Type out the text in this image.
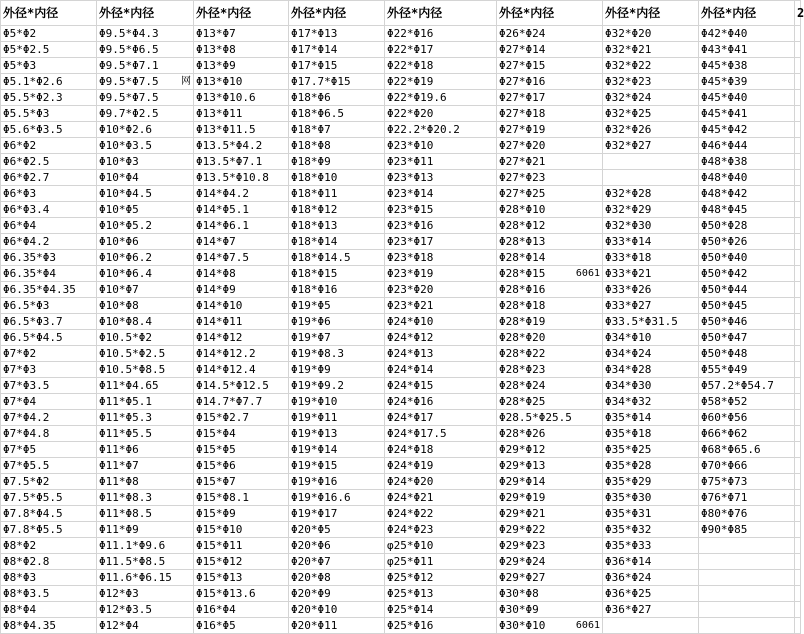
外径*内径	外径*内径	外径*内径	外径*内径	外径*内径	外径*内径	外径*内径	外径*内径	2
Φ5*Φ2	Φ9.5*Φ4.3	Φ13*Φ7	Φ17*Φ13	Φ22*Φ16	Φ26*Φ24	Φ32*Φ20	Φ42*Φ40	
Φ5*Φ2.5	Φ9.5*Φ6.5	Φ13*Φ8	Φ17*Φ14	Φ22*Φ17	Φ27*Φ14	Φ32*Φ21	Φ43*Φ41	
Φ5*Φ3	Φ9.5*Φ7.1	Φ13*Φ9	Φ17*Φ15	Φ22*Φ18	Φ27*Φ15	Φ32*Φ22	Φ45*Φ38	
Φ5.1*Φ2.6	Φ9.5*Φ7.5 网	Φ13*Φ10	Φ17.7*Φ15	Φ22*Φ19	Φ27*Φ16	Φ32*Φ23	Φ45*Φ39	
Φ5.5*Φ2.3	Φ9.5*Φ7.5	Φ13*Φ10.6	Φ18*Φ6	Φ22*Φ19.6	Φ27*Φ17	Φ32*Φ24	Φ45*Φ40	
Φ5.5*Φ3	Φ9.7*Φ2.5	Φ13*Φ11	Φ18*Φ6.5	Φ22*Φ20	Φ27*Φ18	Φ32*Φ25	Φ45*Φ41	
Φ5.6*Φ3.5	Φ10*Φ2.6	Φ13*Φ11.5	Φ18*Φ7	Φ22.2*Φ20.2	Φ27*Φ19	Φ32*Φ26	Φ45*Φ42	
Φ6*Φ2	Φ10*Φ3.5	Φ13.5*Φ4.2	Φ18*Φ8	Φ23*Φ10	Φ27*Φ20	Φ32*Φ27	Φ46*Φ44	
Φ6*Φ2.5	Φ10*Φ3	Φ13.5*Φ7.1	Φ18*Φ9	Φ23*Φ11	Φ27*Φ21		Φ48*Φ38	
Φ6*Φ2.7	Φ10*Φ4	Φ13.5*Φ10.8	Φ18*Φ10	Φ23*Φ13	Φ27*Φ23		Φ48*Φ40	
Φ6*Φ3	Φ10*Φ4.5	Φ14*Φ4.2	Φ18*Φ11	Φ23*Φ14	Φ27*Φ25	Φ32*Φ28	Φ48*Φ42	
Φ6*Φ3.4	Φ10*Φ5	Φ14*Φ5.1	Φ18*Φ12	Φ23*Φ15	Φ28*Φ10	Φ32*Φ29	Φ48*Φ45	
Φ6*Φ4	Φ10*Φ5.2	Φ14*Φ6.1	Φ18*Φ13	Φ23*Φ16	Φ28*Φ12	Φ32*Φ30	Φ50*Φ28	
Φ6*Φ4.2	Φ10*Φ6	Φ14*Φ7	Φ18*Φ14	Φ23*Φ17	Φ28*Φ13	Φ33*Φ14	Φ50*Φ26	
Φ6.35*Φ3	Φ10*Φ6.2	Φ14*Φ7.5	Φ18*Φ14.5	Φ23*Φ18	Φ28*Φ14	Φ33*Φ18	Φ50*Φ40	
Φ6.35*Φ4	Φ10*Φ6.4	Φ14*Φ8	Φ18*Φ15	Φ23*Φ19	Φ28*Φ15 6061	Φ33*Φ21	Φ50*Φ42	
Φ6.35*Φ4.35	Φ10*Φ7	Φ14*Φ9	Φ18*Φ16	Φ23*Φ20	Φ28*Φ16	Φ33*Φ26	Φ50*Φ44	
Φ6.5*Φ3	Φ10*Φ8	Φ14*Φ10	Φ19*Φ5	Φ23*Φ21	Φ28*Φ18	Φ33*Φ27	Φ50*Φ45	
Φ6.5*Φ3.7	Φ10*Φ8.4	Φ14*Φ11	Φ19*Φ6	Φ24*Φ10	Φ28*Φ19	Φ33.5*Φ31.5	Φ50*Φ46	
Φ6.5*Φ4.5	Φ10.5*Φ2	Φ14*Φ12	Φ19*Φ7	Φ24*Φ12	Φ28*Φ20	Φ34*Φ10	Φ50*Φ47	
Φ7*Φ2	Φ10.5*Φ2.5	Φ14*Φ12.2	Φ19*Φ8.3	Φ24*Φ13	Φ28*Φ22	Φ34*Φ24	Φ50*Φ48	
Φ7*Φ3	Φ10.5*Φ8.5	Φ14*Φ12.4	Φ19*Φ9	Φ24*Φ14	Φ28*Φ23	Φ34*Φ28	Φ55*Φ49	
Φ7*Φ3.5	Φ11*Φ4.65	Φ14.5*Φ12.5	Φ19*Φ9.2	Φ24*Φ15	Φ28*Φ24	Φ34*Φ30	Φ57.2*Φ54.7	
Φ7*Φ4	Φ11*Φ5.1	Φ14.7*Φ7.7	Φ19*Φ10	Φ24*Φ16	Φ28*Φ25	Φ34*Φ32	Φ58*Φ52	
Φ7*Φ4.2	Φ11*Φ5.3	Φ15*Φ2.7	Φ19*Φ11	Φ24*Φ17	Φ28.5*Φ25.5	Φ35*Φ14	Φ60*Φ56	
Φ7*Φ4.8	Φ11*Φ5.5	Φ15*Φ4	Φ19*Φ13	Φ24*Φ17.5	Φ28*Φ26	Φ35*Φ18	Φ66*Φ62	
Φ7*Φ5	Φ11*Φ6	Φ15*Φ5	Φ19*Φ14	Φ24*Φ18	Φ29*Φ12	Φ35*Φ25	Φ68*Φ65.6	
Φ7*Φ5.5	Φ11*Φ7	Φ15*Φ6	Φ19*Φ15	Φ24*Φ19	Φ29*Φ13	Φ35*Φ28	Φ70*Φ66	
Φ7.5*Φ2	Φ11*Φ8	Φ15*Φ7	Φ19*Φ16	Φ24*Φ20	Φ29*Φ14	Φ35*Φ29	Φ75*Φ73	
Φ7.5*Φ5.5	Φ11*Φ8.3	Φ15*Φ8.1	Φ19*Φ16.6	Φ24*Φ21	Φ29*Φ19	Φ35*Φ30	Φ76*Φ71	
Φ7.8*Φ4.5	Φ11*Φ8.5	Φ15*Φ9	Φ19*Φ17	Φ24*Φ22	Φ29*Φ21	Φ35*Φ31	Φ80*Φ76	
Φ7.8*Φ5.5	Φ11*Φ9	Φ15*Φ10	Φ20*Φ5	Φ24*Φ23	Φ29*Φ22	Φ35*Φ32	Φ90*Φ85	
Φ8*Φ2	Φ11.1*Φ9.6	Φ15*Φ11	Φ20*Φ6	φ25*Φ10	Φ29*Φ23	Φ35*Φ33		
Φ8*Φ2.8	Φ11.5*Φ8.5	Φ15*Φ12	Φ20*Φ7	φ25*Φ11	Φ29*Φ24	Φ36*Φ14		
Φ8*Φ3	Φ11.6*Φ6.15	Φ15*Φ13	Φ20*Φ8	Φ25*Φ12	Φ29*Φ27	Φ36*Φ24		
Φ8*Φ3.5	Φ12*Φ3	Φ15*Φ13.6	Φ20*Φ9	Φ25*Φ13	Φ30*Φ8	Φ36*Φ25		
Φ8*Φ4	Φ12*Φ3.5	Φ16*Φ4	Φ20*Φ10	Φ25*Φ14	Φ30*Φ9	Φ36*Φ27		
Φ8*Φ4.35	Φ12*Φ4	Φ16*Φ5	Φ20*Φ11	Φ25*Φ16	Φ30*Φ10 6061			
